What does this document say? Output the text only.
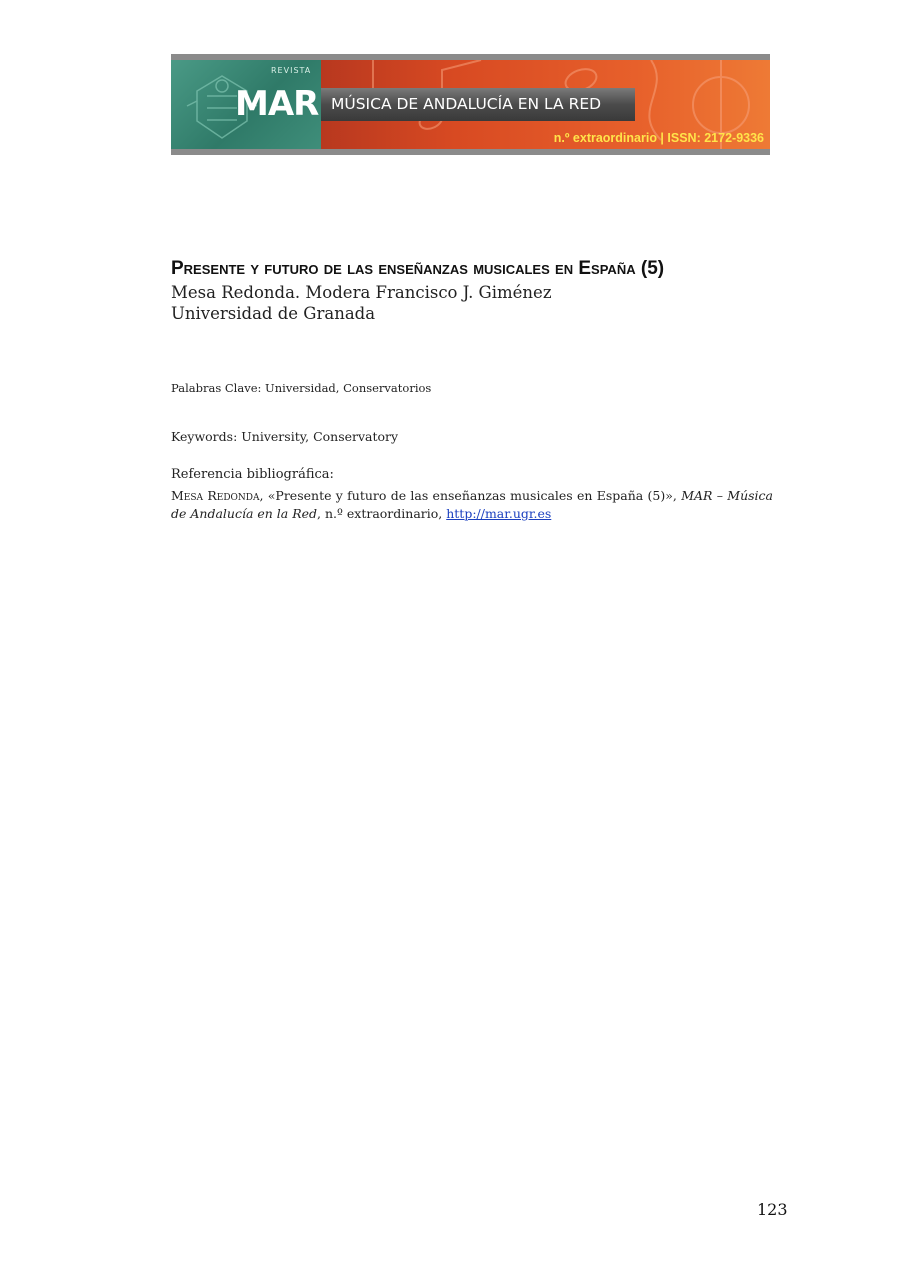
REVISTA
MAR
n.º extraordinario | ISSN: 2172-9336
MÚSICA DE ANDALUCÍA EN LA RED
Presente y futuro de las enseñanzas musicales en España (5)
Mesa Redonda. Modera Francisco J. Giménez
Universidad de Granada
Palabras Clave: Universidad, Conservatorios
Keywords: University, Conservatory
Referencia bibliográfica:
Mesa Redonda, «Presente y futuro de las enseñanzas musicales en España (5)», MAR – Música de Andalucía en la Red, n.º extraordinario, http://mar.ugr.es
123
